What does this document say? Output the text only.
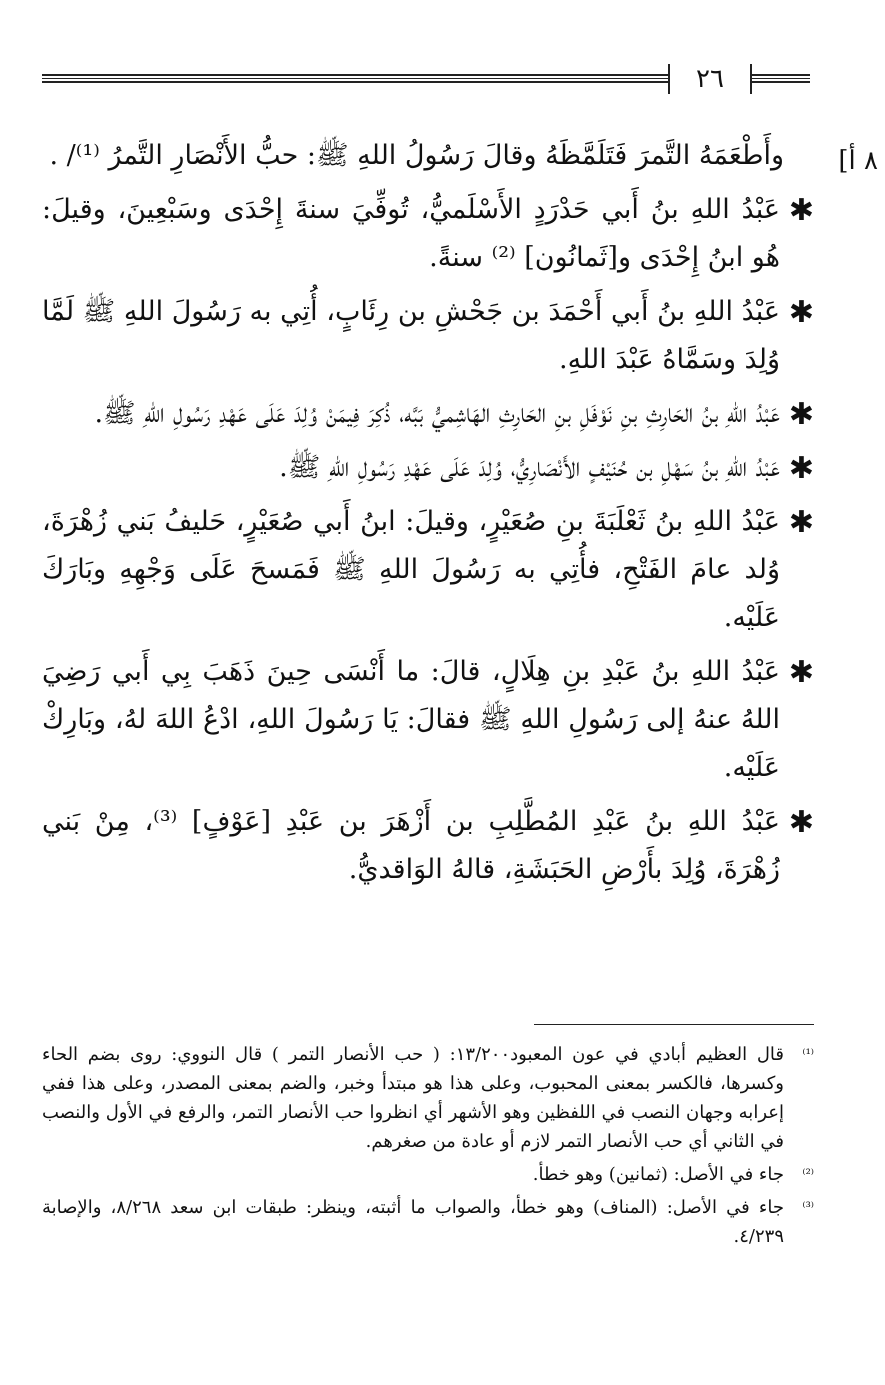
٢٦
٨ أ]

وأَطْعَمَهُ التَّمرَ فَتَلَمَّظَهُ وقالَ رَسُولُ اللهِ ﷺ: حبُّ الأَنْصَارِ التَّمرُ ⁽¹⁾/ .

✱
عَبْدُ اللهِ بنُ أَبي حَدْرَدٍ الأَسْلَميُّ، تُوفِّيَ سنةَ إِحْدَى وسَبْعِينَ، وقيلَ: هُو ابنُ إِحْدَى و[ثَمانُون] ⁽²⁾ سنةً.
✱
عَبْدُ اللهِ بنُ أَبي أَحْمَدَ بن جَحْشِ بن رِئَابٍ، أُتِي به رَسُولَ اللهِ ﷺ لَمَّا وُلِدَ وسَمَّاهُ عَبْدَ اللهِ.
✱
عَبْدُ اللهِ بنُ الحَارِثِ بنِ نَوْفَلِ بنِ الحَارِثِ الهَاشِميُّ بَبَّه، ذُكِرَ فِيمَنْ وُلِدَ عَلَى عَهْدِ رَسُولِ اللهِ ﷺ.
✱
عَبْدُ اللهِ بنُ سَهْلِ بن حُنَيْفٍ الأَنْصَارِيُّ، وُلِدَ عَلَى عَهْدِ رَسُولِ اللهِ ﷺ.
✱
عَبْدُ اللهِ بنُ ثَعْلَبَةَ بنِ صُعَيْرٍ، وقيلَ: ابنُ أَبي صُعَيْرٍ، حَليفُ بَني زُهْرَةَ، وُلد عامَ الفَتْحِ، فأُتِي به رَسُولَ اللهِ ﷺ فَمَسحَ عَلَى وَجْهِهِ وبَارَكَ عَلَيْه.
✱
عَبْدُ اللهِ بنُ عَبْدِ بنِ هِلَالٍ، قالَ: ما أَنْسَى حِينَ ذَهَبَ بِي أَبي رَضِيَ اللهُ عنهُ إلى رَسُولِ اللهِ ﷺ فقالَ: يَا رَسُولَ اللهِ، ادْعُ اللهَ لهُ، وبَارِكْ عَلَيْه.
✱
عَبْدُ اللهِ بنُ عَبْدِ المُطَّلِبِ بن أَزْهَرَ بن عَبْدِ [عَوْفٍ] ⁽³⁾، مِنْ بَني زُهْرَةَ، وُلِدَ بأَرْضِ الحَبَشَةِ، قالهُ الوَاقديُّ.
⁽¹⁾
قال العظيم أبادي في عون المعبود١٣/٢٠٠: ( حب الأنصار التمر ) قال النووي: روى بضم الحاء وكسرها، فالكسر بمعنى المحبوب، وعلى هذا هو مبتدأ وخبر، والضم بمعنى المصدر، وعلى هذا ففي إعرابه وجهان النصب في اللفظين وهو الأشهر أي انظروا حب الأنصار التمر، والرفع في الأول والنصب في الثاني أي حب الأنصار التمر لازم أو عادة من صغرهم.
⁽²⁾
جاء في الأصل: (ثمانين) وهو خطأ.
⁽³⁾
جاء في الأصل: (المناف) وهو خطأ، والصواب ما أثبته، وينظر: طبقات ابن سعد ٨/٢٦٨، والإصابة ٤/٢٣٩.
